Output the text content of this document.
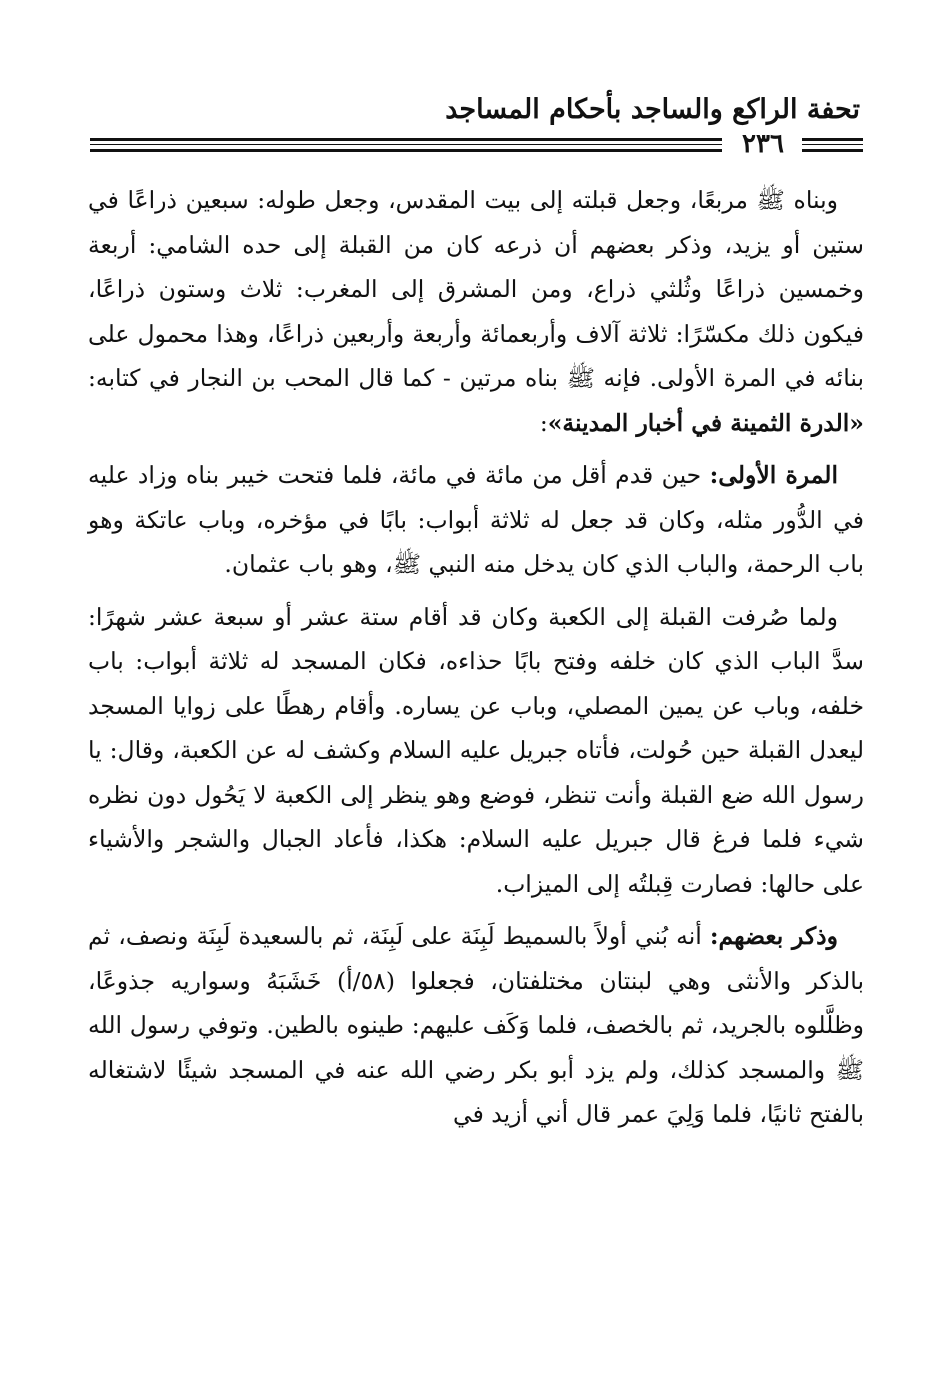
تحفة الراكع والساجد بأحكام المساجد
٢٣٦

وبناه ﷺ مربعًا، وجعل قبلته إلى بيت المقدس، وجعل طوله: سبعين ذراعًا في ستين أو يزيد، وذكر بعضهم أن ذرعه كان من القبلة إلى حده الشامي: أربعة وخمسين ذراعًا وثُلثي ذراع، ومن المشرق إلى المغرب: ثلاث وستون ذراعًا، فيكون ذلك مكسّرًا: ثلاثة آلاف وأربعمائة وأربعة وأربعين ذراعًا، وهذا محمول على بنائه في المرة الأولى. فإنه ﷺ بناه مرتين - كما قال المحب بن النجار في كتابه: «الدرة الثمينة في أخبار المدينة»:

المرة الأولى: حين قدم أقل من مائة في مائة، فلما فتحت خيبر بناه وزاد عليه في الدُّور مثله، وكان قد جعل له ثلاثة أبواب: بابًا في مؤخره، وباب عاتكة وهو باب الرحمة، والباب الذي كان يدخل منه النبي ﷺ، وهو باب عثمان.

ولما صُرفت القبلة إلى الكعبة وكان قد أقام ستة عشر أو سبعة عشر شهرًا: سدَّ الباب الذي كان خلفه وفتح بابًا حذاءه، فكان المسجد له ثلاثة أبواب: باب خلفه، وباب عن يمين المصلي، وباب عن يساره. وأقام رهطًا على زوايا المسجد ليعدل القبلة حين حُولت، فأتاه جبريل عليه السلام وكشف له عن الكعبة، وقال: يا رسول الله ضع القبلة وأنت تنظر، فوضع وهو ينظر إلى الكعبة لا يَحُول دون نظره شيء فلما فرغ قال جبريل عليه السلام: هكذا، فأعاد الجبال والشجر والأشياء على حالها: فصارت قِبلتُه إلى الميزاب.

وذكر بعضهم: أنه بُني أولاً بالسميط لَبِنَة على لَبِنَة، ثم بالسعيدة لَبِنَة ونصف، ثم بالذكر والأنثى وهي لبنتان مختلفتان، فجعلوا (٥٨/أ) خَشَبَهُ وسواريه جذوعًا، وظلَّلوه بالجريد، ثم بالخصف، فلما وَكَف عليهم: طينوه بالطين. وتوفي رسول الله ﷺ والمسجد كذلك، ولم يزد أبو بكر رضي الله عنه في المسجد شيئًا لاشتغاله بالفتح ثانيًا، فلما وَلِيَ عمر قال أني أزيد في
